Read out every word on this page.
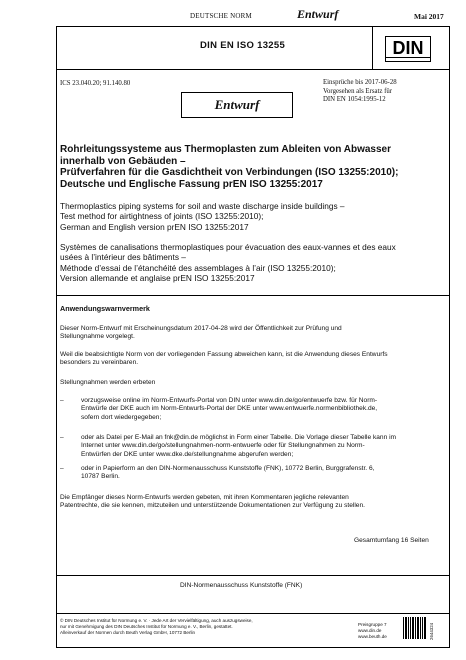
DEUTSCHE NORM	Entwurf	Mai 2017
DIN EN ISO 13255	DIN
ICS 23.040.20; 91.140.80	Einsprüche bis 2017-06-28
Vorgesehen als Ersatz für
DIN EN 1054:1995-12
Entwurf
Rohrleitungssysteme aus Thermoplasten zum Ableiten von Abwasser
innerhalb von Gebäuden –
Prüfverfahren für die Gasdichtheit von Verbindungen (ISO 13255:2010);
Deutsche und Englische Fassung prEN ISO 13255:2017
Thermoplastics piping systems for soil and waste discharge inside buildings –
Test method for airtightness of joints (ISO 13255:2010);
German and English version prEN ISO 13255:2017
Systèmes de canalisations thermoplastiques pour évacuation des eaux-vannes et des eaux
usées à l’intérieur des bâtiments –
Méthode d’essai de l’étanchéité des assemblages à l’air (ISO 13255:2010);
Version allemande et anglaise prEN ISO 13255:2017
Anwendungswarnvermerk
Dieser Norm-Entwurf mit Erscheinungsdatum 2017-04-28 wird der Öffentlichkeit zur Prüfung und
Stellungnahme vorgelegt.
Weil die beabsichtigte Norm von der vorliegenden Fassung abweichen kann, ist die Anwendung dieses Entwurfs
besonders zu vereinbaren.
Stellungnahmen werden erbeten
–	vorzugsweise online im Norm-Entwurfs-Portal von DIN unter www.din.de/go/entwuerfe bzw. für Norm-
Entwürfe der DKE auch im Norm-Entwurfs-Portal der DKE unter www.entwuerfe.normenbibliothek.de,
sofern dort wiedergegeben;
–	oder als Datei per E-Mail an fnk@din.de möglichst in Form einer Tabelle. Die Vorlage dieser Tabelle kann im
Internet unter www.din.de/go/stellungnahmen-norm-entwuerfe oder für Stellungnahmen zu Norm-
Entwürfen der DKE unter www.dke.de/stellungnahme abgerufen werden;
–	oder in Papierform an den DIN-Normenausschuss Kunststoffe (FNK), 10772 Berlin, Burggrafenstr. 6,
10787 Berlin.
Die Empfänger dieses Norm-Entwurfs werden gebeten, mit ihren Kommentaren jegliche relevanten
Patentrechte, die sie kennen, mitzuteilen und unterstützende Dokumentationen zur Verfügung zu stellen.
Gesamtumfang 16 Seiten
DIN-Normenausschuss Kunststoffe (FNK)
© DIN Deutsches Institut für Normung e. V. · Jede Art der Vervielfältigung, auch auszugsweise,
nur mit Genehmigung des DIN Deutsches Institut für Normung e. V., Berlin, gestattet.
Alleinverkauf der Normen durch Beuth Verlag GmbH, 10772 Berlin
Preisgruppe 7
www.din.de
www.beuth.de	2644324
